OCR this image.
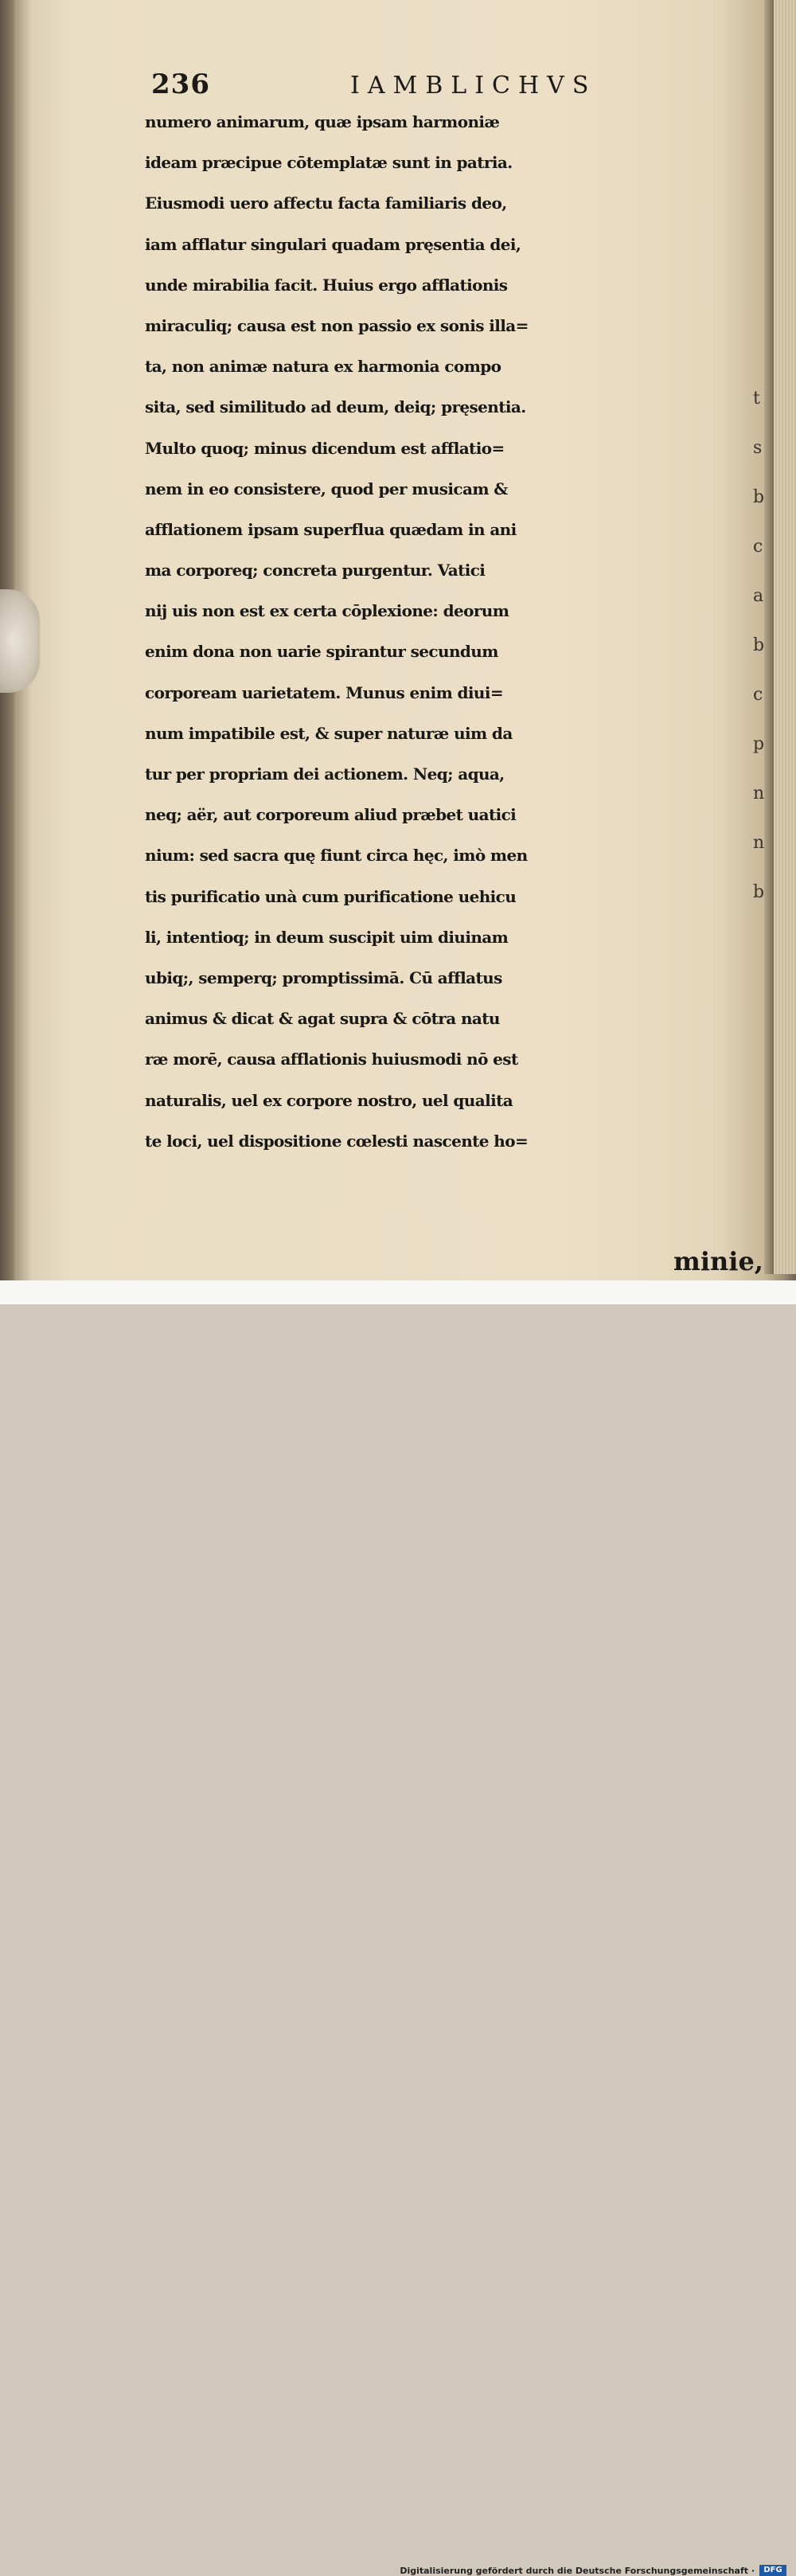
236	IAMBLICHVS
numero animarum, quæ ipsam harmoniæ
ideam præcipue cōtemplatæ sunt in patria.
Eiusmodi uero affectu facta familiaris deo,
iam afflatur singulari quadam pręsentia dei,
unde mirabilia facit. Huius ergo afflationis
miraculiq; causa est non passio ex sonis illa=
ta, non animæ natura ex harmonia compo
sita, sed similitudo ad deum, deiq; pręsentia.
Multo quoq; minus dicendum est afflatio=
nem in eo consistere, quod per musicam &
afflationem ipsam superflua quædam in ani
ma corporeq; concreta purgentur. Vatici
nij uis non est ex certa cōplexione: deorum
enim dona non uarie spirantur secundum
corpoream uarietatem. Munus enim diui=
num impatibile est, & super naturæ uim da
tur per propriam dei actionem. Neq; aqua,
neq; aër, aut corporeum aliud præbet uatici
nium: sed sacra quę fiunt circa hęc, imò men
tis purificatio unà cum purificatione uehicu
li, intentioq; in deum suscipit uim diuinam
ubiq;, semperq; promptissimā. Cū afflatus
animus & dicat & agat supra & cōtra natu
ræ morē, causa afflationis huiusmodi nō est
naturalis, uel ex corpore nostro, uel qualita
te loci, uel dispositione cœlesti nascente ho=
minie,
t
s
b
c
a
b
c
p
n
n
b
Digitalisierung gefördert durch die Deutsche Forschungsgemeinschaft ·	DFG
